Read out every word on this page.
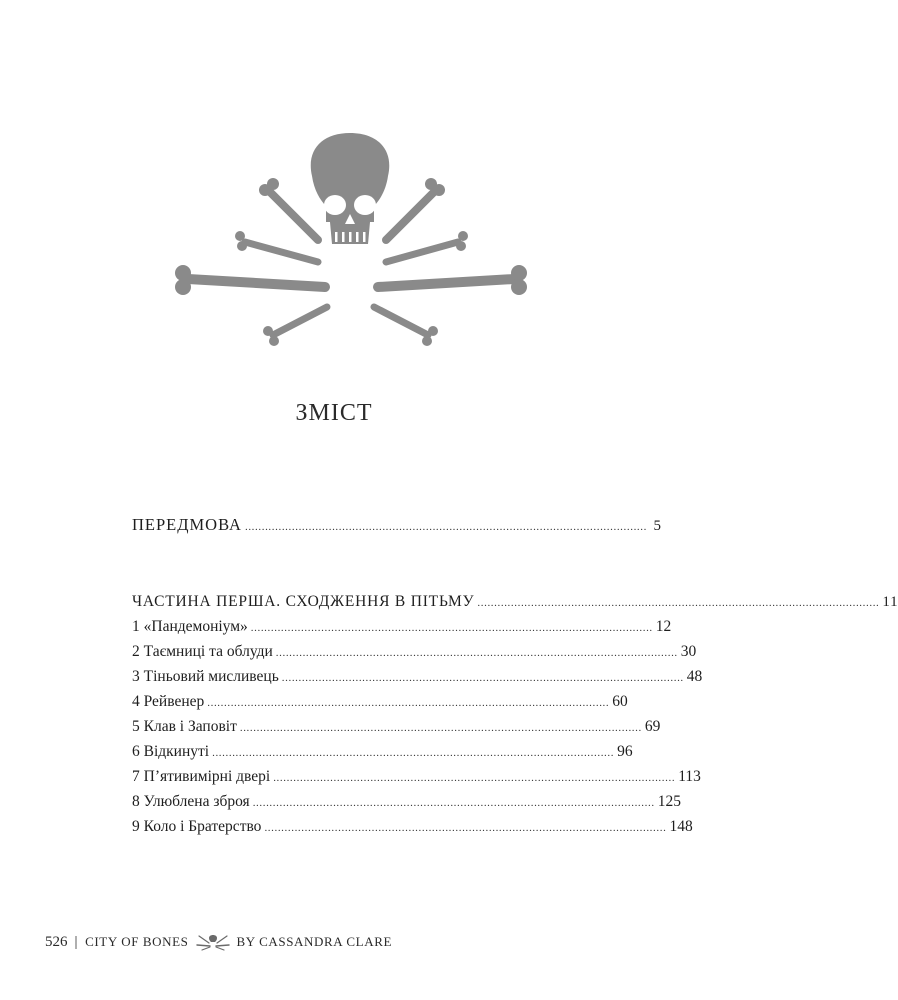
ЗМІСТ
ПЕРЕДМОВА ........................................................................................................................ 5
ЧАСТИНА ПЕРША. СХОДЖЕННЯ В ПІТЬМУ ........................................................................................................................ 11
1 «Пандемоніум» ........................................................................................................................ 12
2 Таємниці та облуди ........................................................................................................................ 30
3 Тіньовий мисливець ........................................................................................................................ 48
4 Рейвенер ........................................................................................................................ 60
5 Клав і Заповіт ........................................................................................................................ 69
6 Відкинуті ........................................................................................................................ 96
7 П’ятивимірні двері ........................................................................................................................ 113
8 Улюблена зброя ........................................................................................................................ 125
9 Коло і Братерство ........................................................................................................................ 148
526 | CITY OF BONES	BY CASSANDRA CLARE
